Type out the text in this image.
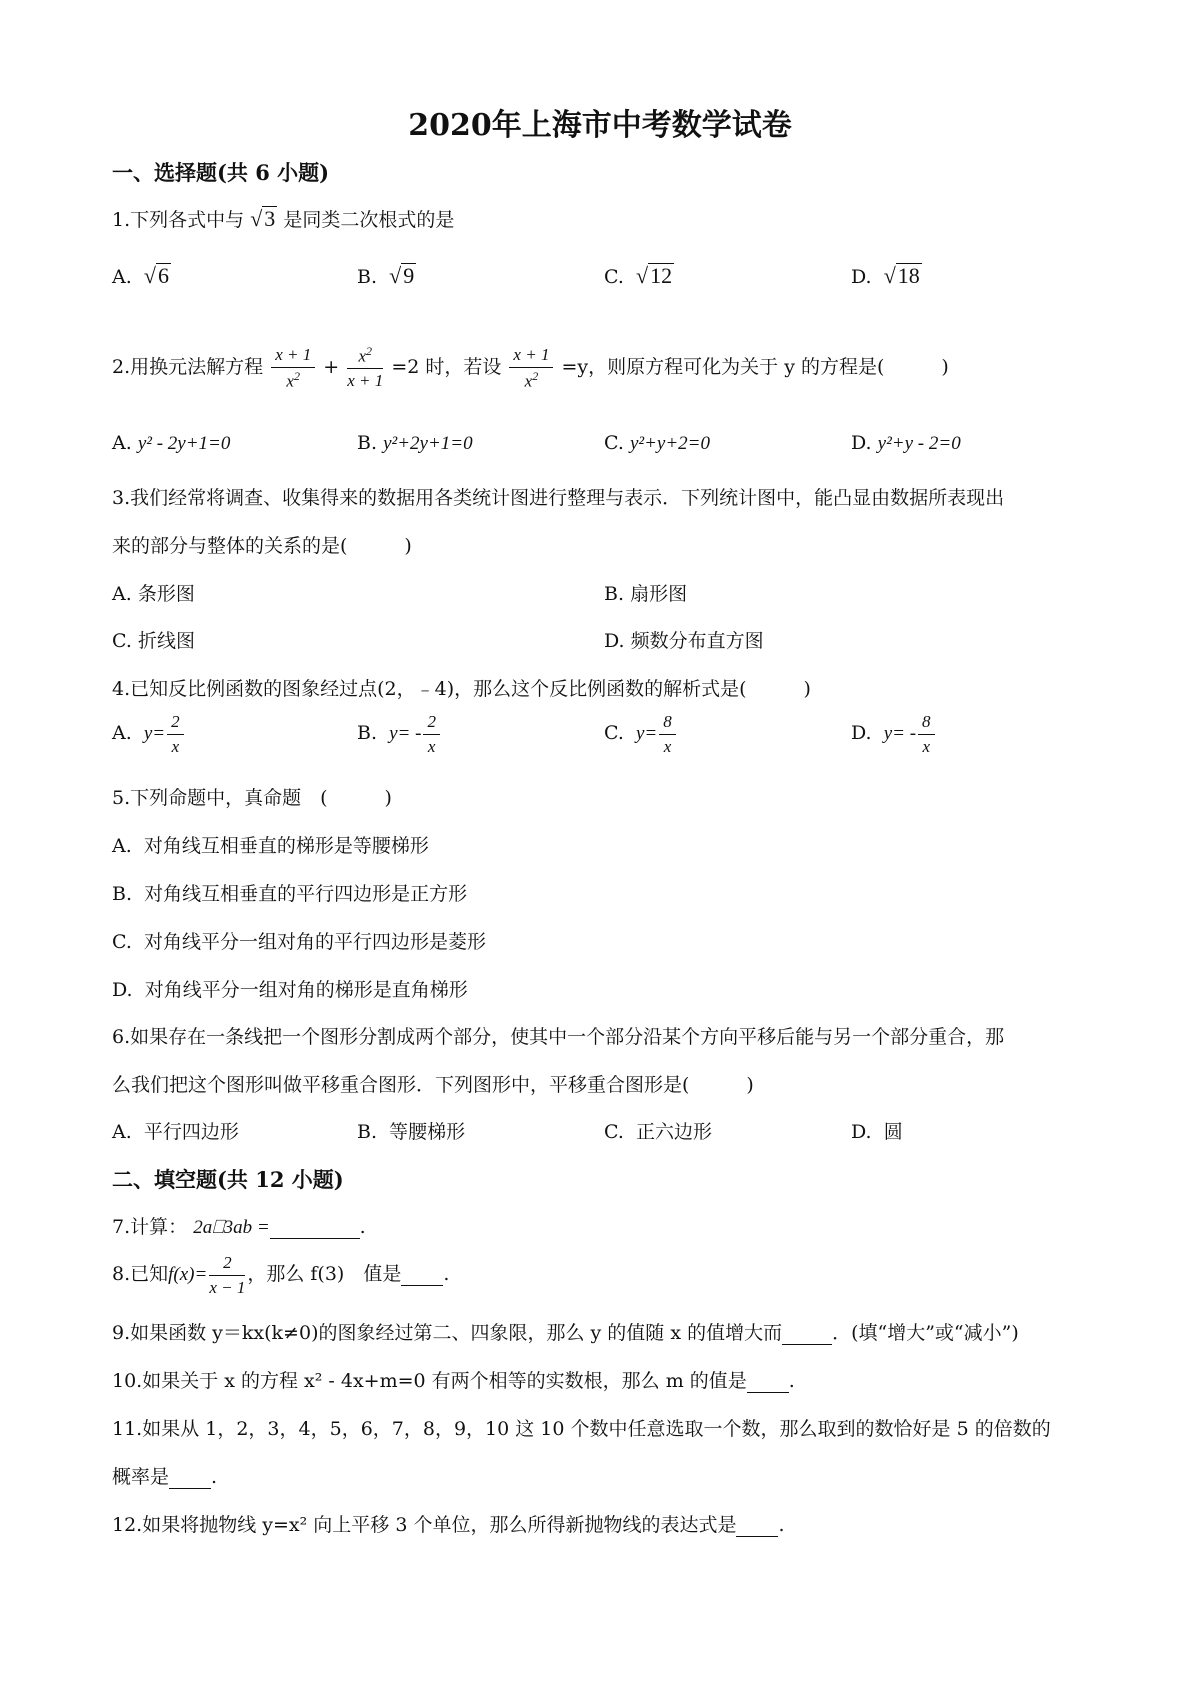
2020年上海市中考数学试卷
一、选择题(共 6 小题)
1.下列各式中与 √3 是同类二次根式的是
A. √6	B. √9	C. √12	D. √18
2.用换元法解方程 $\frac{x + 1}{x^2} + \frac{x^2}{x + 1} =2$ 时，若设 $\frac{x + 1}{x^2} =y$，则原方程可化为关于 y 的方程是(　　　)
A. y² - 2y+1=0	B. y²+2y+1=0	C. y²+y+2=0	D. y²+y - 2=0
3.我们经常将调查、收集得来的数据用各类统计图进行整理与表示．下列统计图中，能凸显由数据所表现出
来的部分与整体的关系的是(　　　)
A. 条形图	B. 扇形图
C. 折线图	D. 频数分布直方图
4.已知反比例函数的图象经过点(2，﹣4)，那么这个反比例函数的解析式是(　　　)
A. $y= \frac{2}{x}$	B. $y= - \frac{2}{x}$	C. $y= \frac{8}{x}$	D. $y= - \frac{8}{x}$
5.下列命题中，真命题　(　　　)
A. 对角线互相垂直的梯形是等腰梯形
B. 对角线互相垂直的平行四边形是正方形
C. 对角线平分一组对角的平行四边形是菱形
D. 对角线平分一组对角的梯形是直角梯形
6.如果存在一条线把一个图形分割成两个部分，使其中一个部分沿某个方向平移后能与另一个部分重合，那
么我们把这个图形叫做平移重合图形．下列图形中，平移重合图形是(　　　)
A. 平行四边形	B. 等腰梯形	C. 正六边形	D. 圆
二、填空题(共 12 小题)
7.计算： 2a⎕3ab =	.
8.已知$f(x)= \frac{2}{x - 1}$ ，那么 f(3)　值是 .
9.如果函数 y＝kx(k≠0)的图象经过第二、四象限，那么 y 的值随 x 的值增大而	．(填“增大”或“减小”)
10.如果关于 x 的方程 x² - 4x+m=0 有两个相等的实数根，那么 m 的值是 .
11.如果从 1，2，3，4，5，6，7，8，9，10 这 10 个数中任意选取一个数，那么取到的数恰好是 5 的倍数的
概率是 .
12.如果将抛物线 y=x² 向上平移 3 个单位，那么所得新抛物线的表达式是 .
